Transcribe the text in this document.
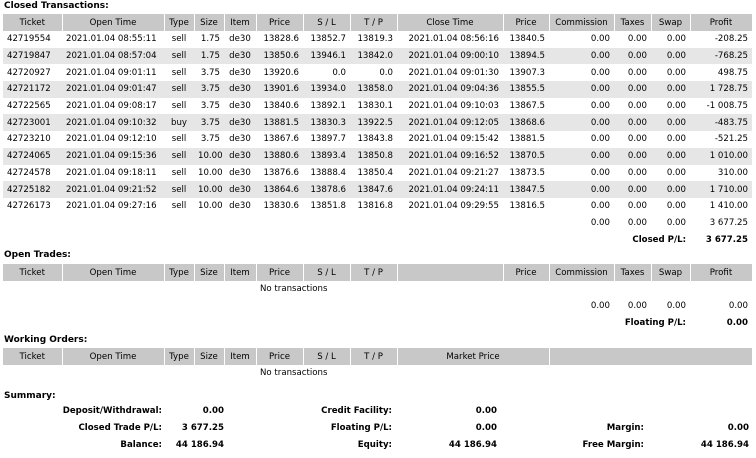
Closed Transactions:
Ticket	Open Time	Type	Size	Item	Price	S / L	T / P	Close Time	Price	Commission	Taxes	Swap	Profit
42719554	2021.01.04 08:55:11	sell	1.75	de30	13828.6	13852.7	13819.3	2021.01.04 08:56:16	13840.5	0.00	0.00	0.00	-208.25
42719847	2021.01.04 08:57:04	sell	1.75	de30	13850.6	13946.1	13842.0	2021.01.04 09:00:10	13894.5	0.00	0.00	0.00	-768.25
42720927	2021.01.04 09:01:11	sell	3.75	de30	13920.6	0.0	0.0	2021.01.04 09:01:30	13907.3	0.00	0.00	0.00	498.75
42721172	2021.01.04 09:01:47	sell	3.75	de30	13901.6	13934.0	13858.0	2021.01.04 09:04:36	13855.5	0.00	0.00	0.00	1 728.75
42722565	2021.01.04 09:08:17	sell	3.75	de30	13840.6	13892.1	13830.1	2021.01.04 09:10:03	13867.5	0.00	0.00	0.00	-1 008.75
42723001	2021.01.04 09:10:32	buy	3.75	de30	13881.5	13830.3	13922.5	2021.01.04 09:12:05	13868.6	0.00	0.00	0.00	-483.75
42723210	2021.01.04 09:12:10	sell	3.75	de30	13867.6	13897.7	13843.8	2021.01.04 09:15:42	13881.5	0.00	0.00	0.00	-521.25
42724065	2021.01.04 09:15:36	sell	10.00	de30	13880.6	13893.4	13850.8	2021.01.04 09:16:52	13870.5	0.00	0.00	0.00	1 010.00
42724578	2021.01.04 09:18:11	sell	10.00	de30	13876.6	13888.4	13850.4	2021.01.04 09:21:27	13873.5	0.00	0.00	0.00	310.00
42725182	2021.01.04 09:21:52	sell	10.00	de30	13864.6	13878.6	13847.6	2021.01.04 09:24:11	13847.5	0.00	0.00	0.00	1 710.00
42726173	2021.01.04 09:27:16	sell	10.00	de30	13830.6	13851.8	13816.8	2021.01.04 09:29:55	13816.5	0.00	0.00	0.00	1 410.00
										0.00	0.00	0.00	3 677.25
										Closed P/L:			3 677.25
Open Trades:
Ticket	Open Time	Type	Size	Item	Price	S / L	T / P		Price	Commission	Taxes	Swap	Profit
					No transactions								
										0.00	0.00	0.00	0.00
										Floating P/L:			0.00
Working Orders:
Ticket	Open Time	Type	Size	Item	Price	S / L	T / P	Market Price	
					No transactions				
Summary:
Deposit/Withdrawal:	0.00	Credit Facility:	0.00
Closed Trade P/L: 3 677.25	Floating P/L:	0.00	Margin:	0.00
Balance: 44 186.94	Equity:	44 186.94	Free Margin:	44 186.94
